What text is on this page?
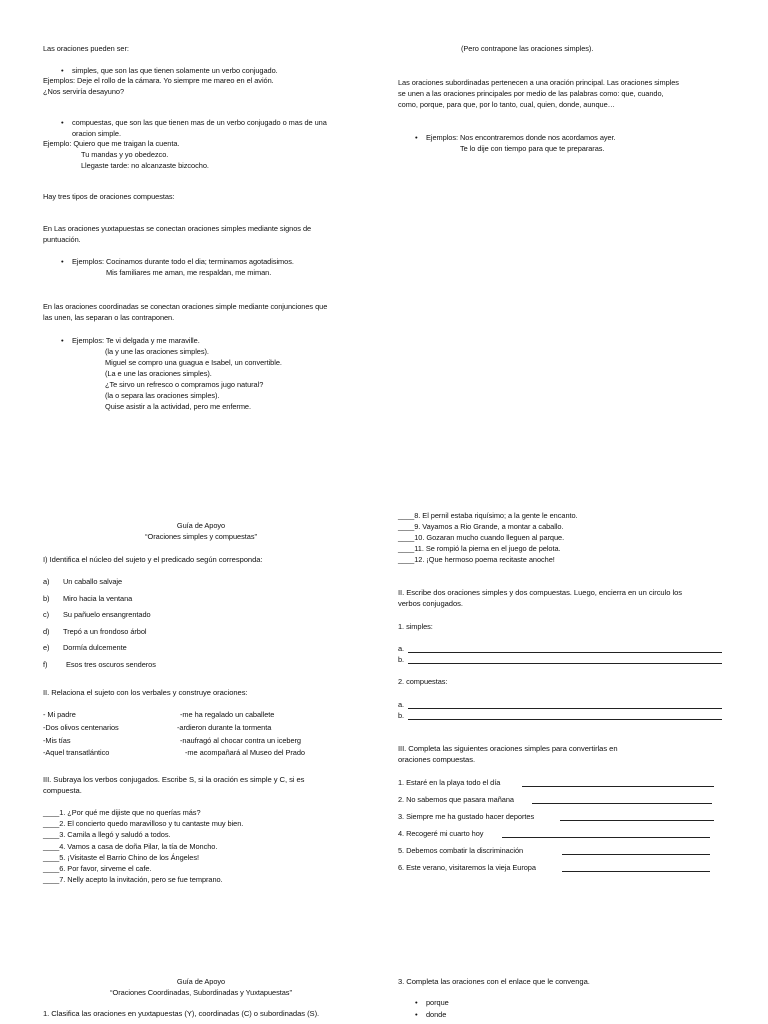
Las oraciones pueden ser:
• simples, que son las que tienen solamente un verbo conjugado.
Ejemplos: Deje el rollo de la cámara. Yo siempre me mareo en el avión.
¿Nos serviría desayuno?
• compuestas, que son las que tienen mas de un verbo conjugado o mas de una
oracion simple.
Ejemplo: Quiero que me traigan la cuenta.
Tu mandas y yo obedezco.
Llegaste tarde: no alcanzaste bizcocho.
Hay tres tipos de oraciones compuestas:
En Las oraciones yuxtapuestas se conectan oraciones simples mediante signos de
puntuación.
• Ejemplos: Cocinamos durante todo el dia; terminamos agotadisimos.
Mis familiares me aman, me respaldan, me miman.
En las oraciones coordinadas se conectan oraciones simple mediante conjunciones que
las unen, las separan o las contraponen.
• Ejemplos: Te vi delgada y me maraville.
(la y une las oraciones simples).
Miguel se compro una guagua e Isabel, un convertible.
(La e une las oraciones simples).
¿Te sirvo un refresco o compramos jugo natural?
(la o separa las oraciones simples).
Quise asistir a la actividad, pero me enferme.
(Pero contrapone las oraciones simples).
Las oraciones subordinadas pertenecen a una oración principal. Las oraciones simples
se unen a las oraciones principales por medio de las palabras como: que, cuando,
como, porque, para que, por lo tanto, cual, quien, donde, aunque…
• Ejemplos: Nos encontraremos donde nos acordamos ayer.
Te lo dije con tiempo para que te prepararas.
Guía de Apoyo
“Oraciones simples y compuestas”
I) Identifica el núcleo del sujeto y el predicado según corresponda:
a) Un caballo salvaje
b) Miro hacia la ventana
c) Su pañuelo ensangrentado
d) Trepó a un frondoso árbol
e) Dormía dulcemente
f)	Esos tres oscuros senderos
II. Relaciona el sujeto con los verbales y construye oraciones:
- Mi padre	-me ha regalado un caballete
-Dos olivos centenarios	-ardieron durante la tormenta
-Mis tías	-naufragó al chocar contra un iceberg
-Aquel transatlántico	-me acompañará al Museo del Prado
III. Subraya los verbos conjugados. Escribe S, si la oración es simple y C, si es
compuesta.
____1. ¿Por qué me dijiste que no querías más?
____2. El concierto quedo maravilloso y tu cantaste muy bien.
____3. Camila a llegó y saludó a todos.
____4. Vamos a casa de doña Pilar, la tía de Moncho.
____5. ¡Visitaste el Barrio Chino de los Ángeles!
____6. Por favor, sirveme el cafe.
____7. Nelly acepto la invitación, pero se fue temprano.
____8. El pernil estaba riquísimo; a la gente le encanto.
____9. Vayamos a Rio Grande, a montar a caballo.
____10. Gozaran mucho cuando lleguen al parque.
____11. Se rompió la pierna en el juego de pelota.
____12. ¡Que hermoso poema recitaste anoche!
II. Escribe dos oraciones simples y dos compuestas. Luego, encierra en un circulo los
verbos conjugados.
1. simples:
a.
b.
2. compuestas:
a.
b.
III. Completa las siguientes oraciones simples para convertirlas en
oraciones compuestas.
1. Estaré en la playa todo el día
2. No sabemos que pasara mañana
3. Siempre me ha gustado hacer deportes
4. Recogeré mi cuarto hoy
5. Debemos combatir la discriminación
6. Este verano, visitaremos la vieja Europa
Guía de Apoyo
“Oraciones Coordinadas, Subordinadas y Yuxtapuestas”
1. Clasifica las oraciones en yuxtapuestas (Y), coordinadas (C) o subordinadas (S).
3. Completa las oraciones con el enlace que le convenga.
• porque
• donde
